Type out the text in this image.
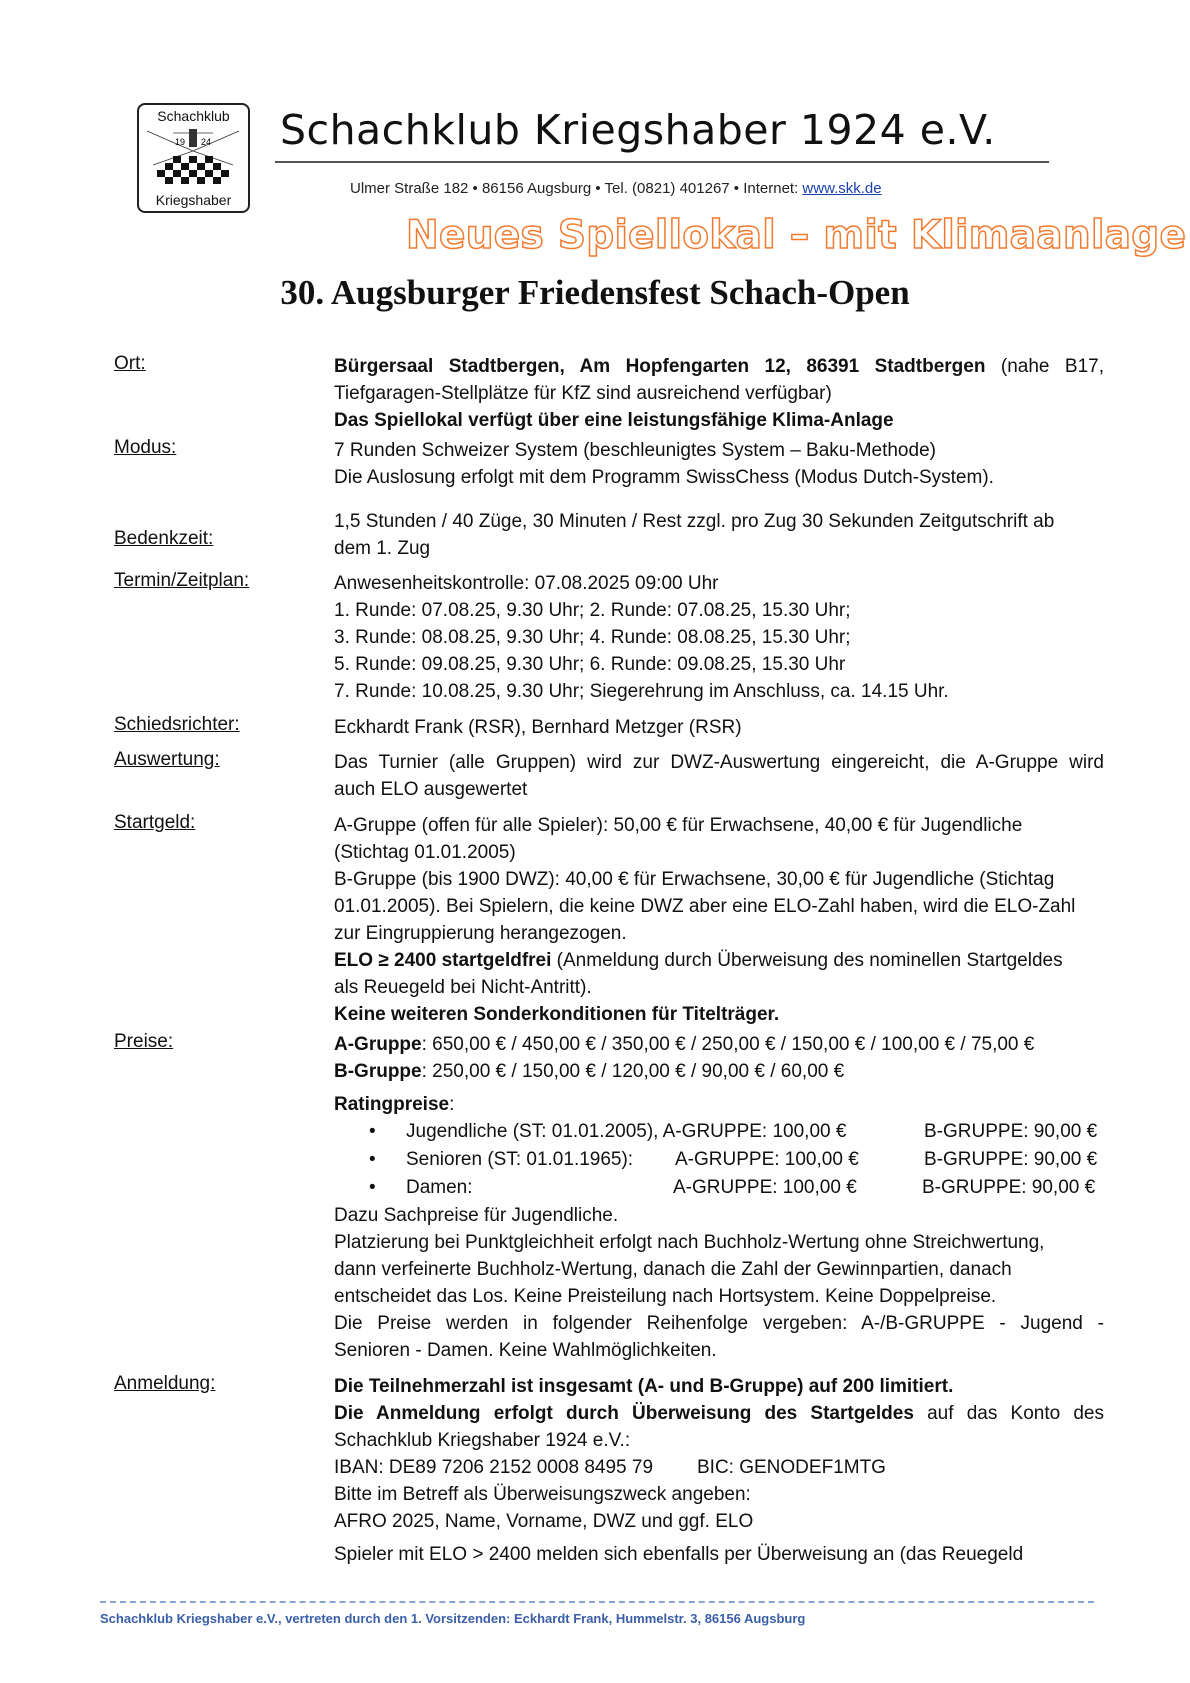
Schachklub
19 24
Kriegshaber
Schachklub Kriegshaber 1924 e.V.
Ulmer Straße 182 • 86156 Augsburg • Tel. (0821) 401267 • Internet: www.skk.de
Neues Spiellokal – mit Klimaanlage
30. Augsburger Friedensfest Schach-Open
Ort:	Bürgersaal Stadtbergen, Am Hopfengarten 12, 86391 Stadtbergen (nahe B17,
Tiefgaragen-Stellplätze für KfZ sind ausreichend verfügbar)
Das Spiellokal verfügt über eine leistungsfähige Klima-Anlage
Modus:	7 Runden Schweizer System (beschleunigtes System – Baku-Methode)
Die Auslosung erfolgt mit dem Programm SwissChess (Modus Dutch-System).
Bedenkzeit:
1,5 Stunden / 40 Züge, 30 Minuten / Rest zzgl. pro Zug 30 Sekunden Zeitgutschrift ab
dem 1. Zug
Termin/Zeitplan:	Anwesenheitskontrolle: 07.08.2025 09:00 Uhr
1. Runde: 07.08.25, 9.30 Uhr; 2. Runde: 07.08.25, 15.30 Uhr;
3. Runde: 08.08.25, 9.30 Uhr; 4. Runde: 08.08.25, 15.30 Uhr;
5. Runde: 09.08.25, 9.30 Uhr; 6. Runde: 09.08.25, 15.30 Uhr
7. Runde: 10.08.25, 9.30 Uhr; Siegerehrung im Anschluss, ca. 14.15 Uhr.
Schiedsrichter:	Eckhardt Frank (RSR), Bernhard Metzger (RSR)
Auswertung:	Das Turnier (alle Gruppen) wird zur DWZ-Auswertung eingereicht, die A-Gruppe wird
auch ELO ausgewertet
Startgeld:	A-Gruppe (offen für alle Spieler): 50,00 € für Erwachsene, 40,00 € für Jugendliche
(Stichtag 01.01.2005)
B-Gruppe (bis 1900 DWZ): 40,00 € für Erwachsene, 30,00 € für Jugendliche (Stichtag
01.01.2005). Bei Spielern, die keine DWZ aber eine ELO-Zahl haben, wird die ELO-Zahl
zur Eingruppierung herangezogen.
ELO ≥ 2400 startgeldfrei (Anmeldung durch Überweisung des nominellen Startgeldes
als Reuegeld bei Nicht-Antritt).
Keine weiteren Sonderkonditionen für Titelträger.
Preise:	A-Gruppe: 650,00 € / 450,00 € / 350,00 € / 250,00 € / 150,00 € / 100,00 € / 75,00 €
B-Gruppe: 250,00 € / 150,00 € / 120,00 € / 90,00 € / 60,00 €
Ratingpreise:
• Jugendliche (ST: 01.01.2005), A-GRUPPE: 100,00 €	B-GRUPPE: 90,00 €
• Senioren (ST: 01.01.1965): A-GRUPPE: 100,00 €	B-GRUPPE: 90,00 €
• Damen:	A-GRUPPE: 100,00 €	B-GRUPPE: 90,00 €
Dazu Sachpreise für Jugendliche.
Platzierung bei Punktgleichheit erfolgt nach Buchholz-Wertung ohne Streichwertung,
dann verfeinerte Buchholz-Wertung, danach die Zahl der Gewinnpartien, danach
entscheidet das Los. Keine Preisteilung nach Hortsystem. Keine Doppelpreise.
Die Preise werden in folgender Reihenfolge vergeben: A-/B-GRUPPE - Jugend -
Senioren - Damen. Keine Wahlmöglichkeiten.
Anmeldung:	Die Teilnehmerzahl ist insgesamt (A- und B-Gruppe) auf 200 limitiert.
Die Anmeldung erfolgt durch Überweisung des Startgeldes auf das Konto des
Schachklub Kriegshaber 1924 e.V.:
IBAN: DE89 7206 2152 0008 8495 79 BIC: GENODEF1MTG
Bitte im Betreff als Überweisungszweck angeben:
AFRO 2025, Name, Vorname, DWZ und ggf. ELO
Spieler mit ELO > 2400 melden sich ebenfalls per Überweisung an (das Reuegeld
Schachklub Kriegshaber e.V., vertreten durch den 1. Vorsitzenden: Eckhardt Frank, Hummelstr. 3, 86156 Augsburg
